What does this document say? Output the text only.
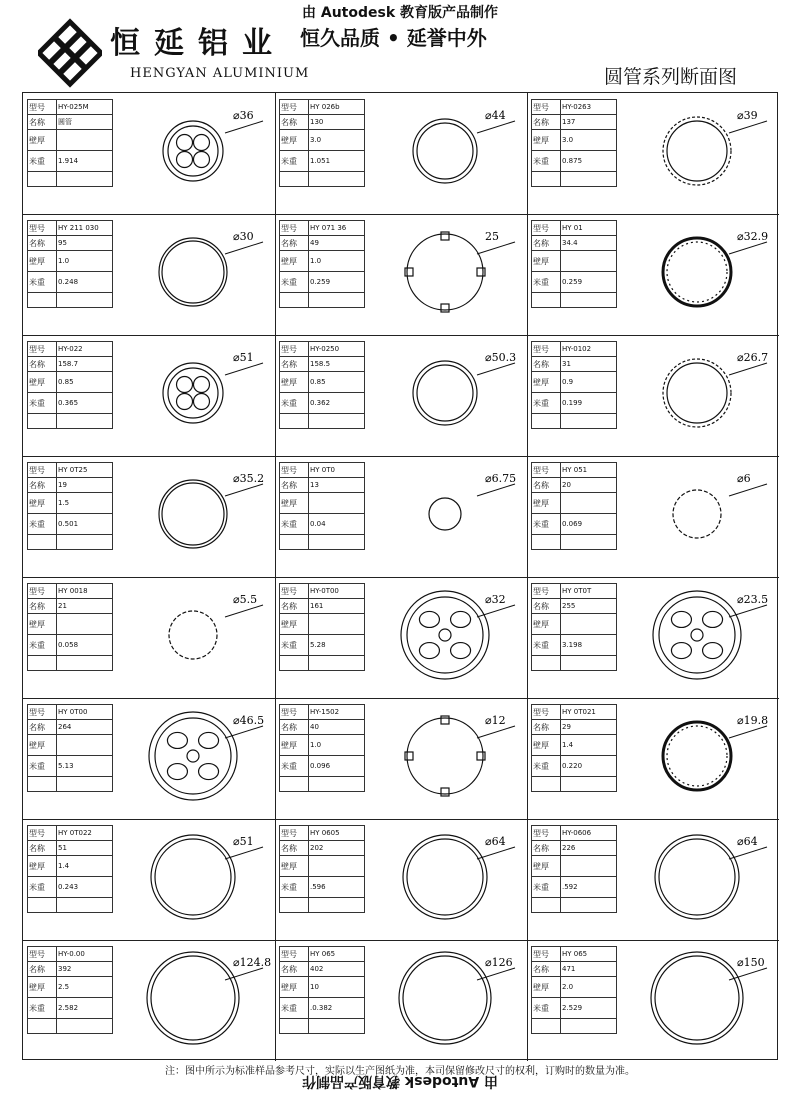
由 Autodesk 教育版产品制作
恒延铝业 恒久品质 • 延誉中外
HENGYAN ALUMINIUM	圆管系列断面图
型号	HY-025M
名称	圆管
壁厚	
米重	1.914

⌀36
型号	HY 026b
名称	130
壁厚	3.0
米重	1.051

⌀44
型号	HY-0263
名称	137
壁厚	3.0
米重	0.875

⌀39
型号	HY 211 030
名称	95
壁厚	1.0
米重	0.248

⌀30
型号	HY 071 36
名称	49
壁厚	1.0
米重	0.259

25
型号	HY 01
名称	34.4
壁厚	
米重	0.259

⌀32.9
型号	HY-022
名称	158.7
壁厚	0.85
米重	0.365

⌀51
型号	HY-0250
名称	158.5
壁厚	0.85
米重	0.362

⌀50.3
型号	HY-0102
名称	31
壁厚	0.9
米重	0.199

⌀26.7
型号	HY 0T25
名称	19
壁厚	1.5
米重	0.501

⌀35.2
型号	HY 0T0
名称	13
壁厚	
米重	0.04

⌀6.75
型号	HY 051
名称	20
壁厚	
米重	0.069

⌀6
型号	HY 0018
名称	21
壁厚	
米重	0.058

⌀5.5
型号	HY-0T00
名称	161
壁厚	
米重	5.28

⌀32
型号	HY 0T0T
名称	255
壁厚	
米重	3.198

⌀23.5
型号	HY 0T00
名称	264
壁厚	
米重	5.13

⌀46.5
型号	HY-1502
名称	40
壁厚	1.0
米重	0.096

⌀12
型号	HY 0T021
名称	29
壁厚	1.4
米重	0.220

⌀19.8
型号	HY 0T022
名称	51
壁厚	1.4
米重	0.243

⌀51
型号	HY 0605
名称	202
壁厚	
米重	.596

⌀64
型号	HY-0606
名称	226
壁厚	
米重	.592

⌀64
型号	HY-0.00
名称	392
壁厚	2.5
米重	2.582

⌀124.8
型号	HY 065
名称	402
壁厚	10
米重	.0.382

⌀126
型号	HY 065
名称	471
壁厚	2.0
米重	2.529

⌀150
注：图中所示为标准样品参考尺寸，实际以生产图纸为准，本司保留修改尺寸的权利，订购时的数量为准。
由 Autodesk 教育版产品制作
